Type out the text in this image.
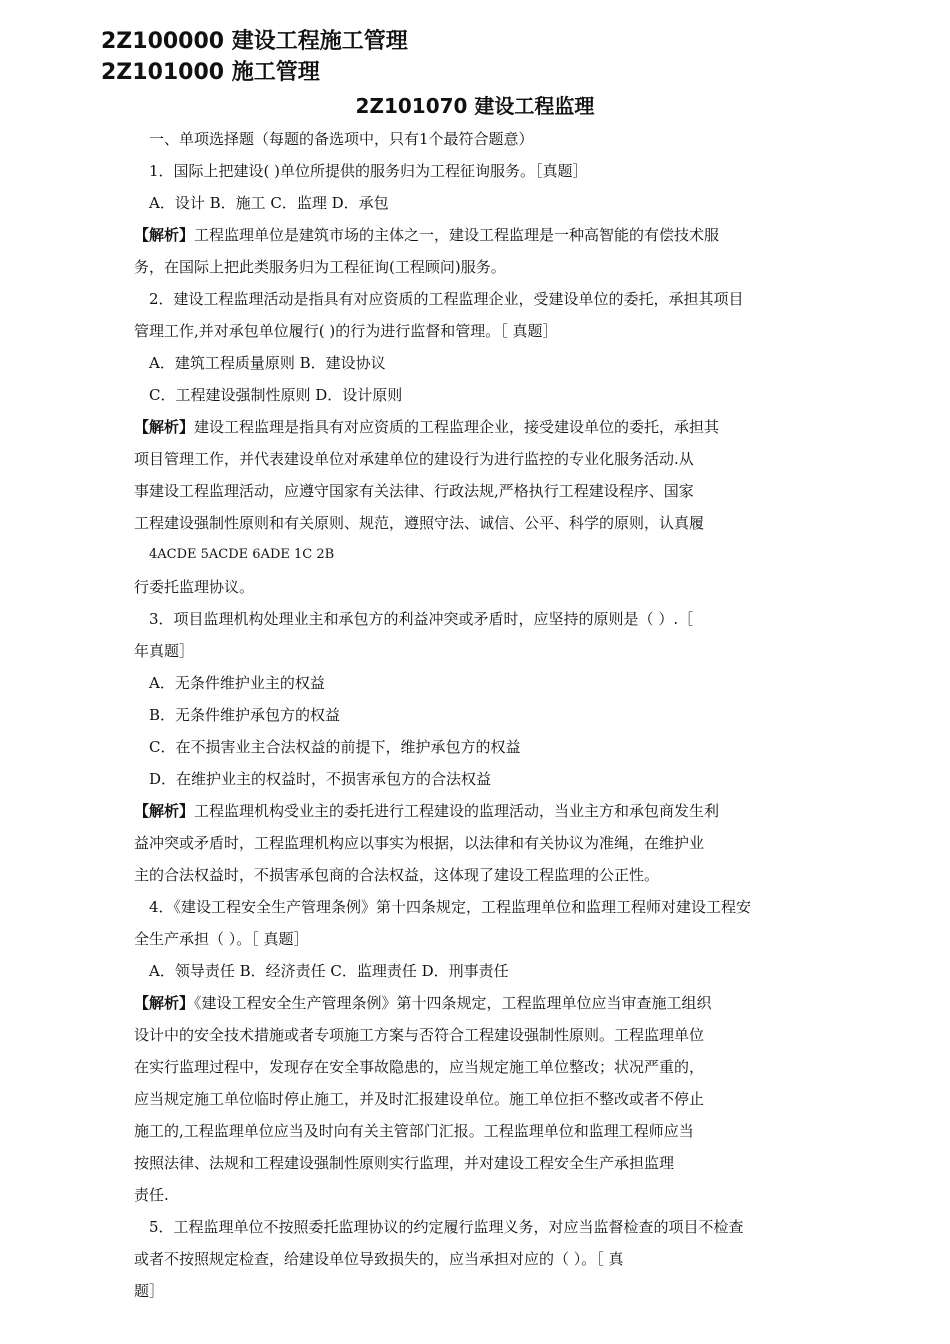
2Z100000 建设工程施工管理
2Z101000 施工管理
2Z101070 建设工程监理
一、单项选择题（每题的备选项中，只有1个最符合题意）
1．国际上把建设( )单位所提供的服务归为工程征询服务。［真题］
A．设计 B．施工 C．监理 D．承包
【解析】工程监理单位是建筑市场的主体之一，建设工程监理是一种高智能的有偿技术服
务，在国际上把此类服务归为工程征询(工程顾问)服务。
2．建设工程监理活动是指具有对应资质的工程监理企业，受建设单位的委托，承担其项目
管理工作,并对承包单位履行( )的行为进行监督和管理。［ 真题］
A．建筑工程质量原则 B．建设协议
C．工程建设强制性原则 D．设计原则
【解析】建设工程监理是指具有对应资质的工程监理企业，接受建设单位的委托，承担其
项目管理工作，并代表建设单位对承建单位的建设行为进行监控的专业化服务活动.从
事建设工程监理活动，应遵守国家有关法律、行政法规,严格执行工程建设程序、国家
工程建设强制性原则和有关原则、规范，遵照守法、诚信、公平、科学的原则，认真履
4ACDE 5ACDE 6ADE 1C 2B
行委托监理协议。
3．项目监理机构处理业主和承包方的利益冲突或矛盾时，应坚持的原则是（ ）.［
年真题］
A．无条件维护业主的权益
B．无条件维护承包方的权益
C．在不损害业主合法权益的前提下，维护承包方的权益
D．在维护业主的权益时，不损害承包方的合法权益
【解析】工程监理机构受业主的委托进行工程建设的监理活动，当业主方和承包商发生利
益冲突或矛盾时，工程监理机构应以事实为根据，以法律和有关协议为准绳，在维护业
主的合法权益时，不损害承包商的合法权益，这体现了建设工程监理的公正性。
4．《建设工程安全生产管理条例》第十四条规定，工程监理单位和监理工程师对建设工程安
全生产承担（ ）。［ 真题］
A．领导责任 B．经济责任 C．监理责任 D．刑事责任
【解析】《建设工程安全生产管理条例》第十四条规定，工程监理单位应当审查施工组织
设计中的安全技术措施或者专项施工方案与否符合工程建设强制性原则。工程监理单位
在实行监理过程中，发现存在安全事故隐患的，应当规定施工单位整改；状况严重的，
应当规定施工单位临时停止施工，并及时汇报建设单位。施工单位拒不整改或者不停止
施工的,工程监理单位应当及时向有关主管部门汇报。工程监理单位和监理工程师应当
按照法律、法规和工程建设强制性原则实行监理，并对建设工程安全生产承担监理
责任.
5．工程监理单位不按照委托监理协议的约定履行监理义务，对应当监督检查的项目不检查
或者不按照规定检查，给建设单位导致损失的，应当承担对应的（ ）。［ 真
题］
